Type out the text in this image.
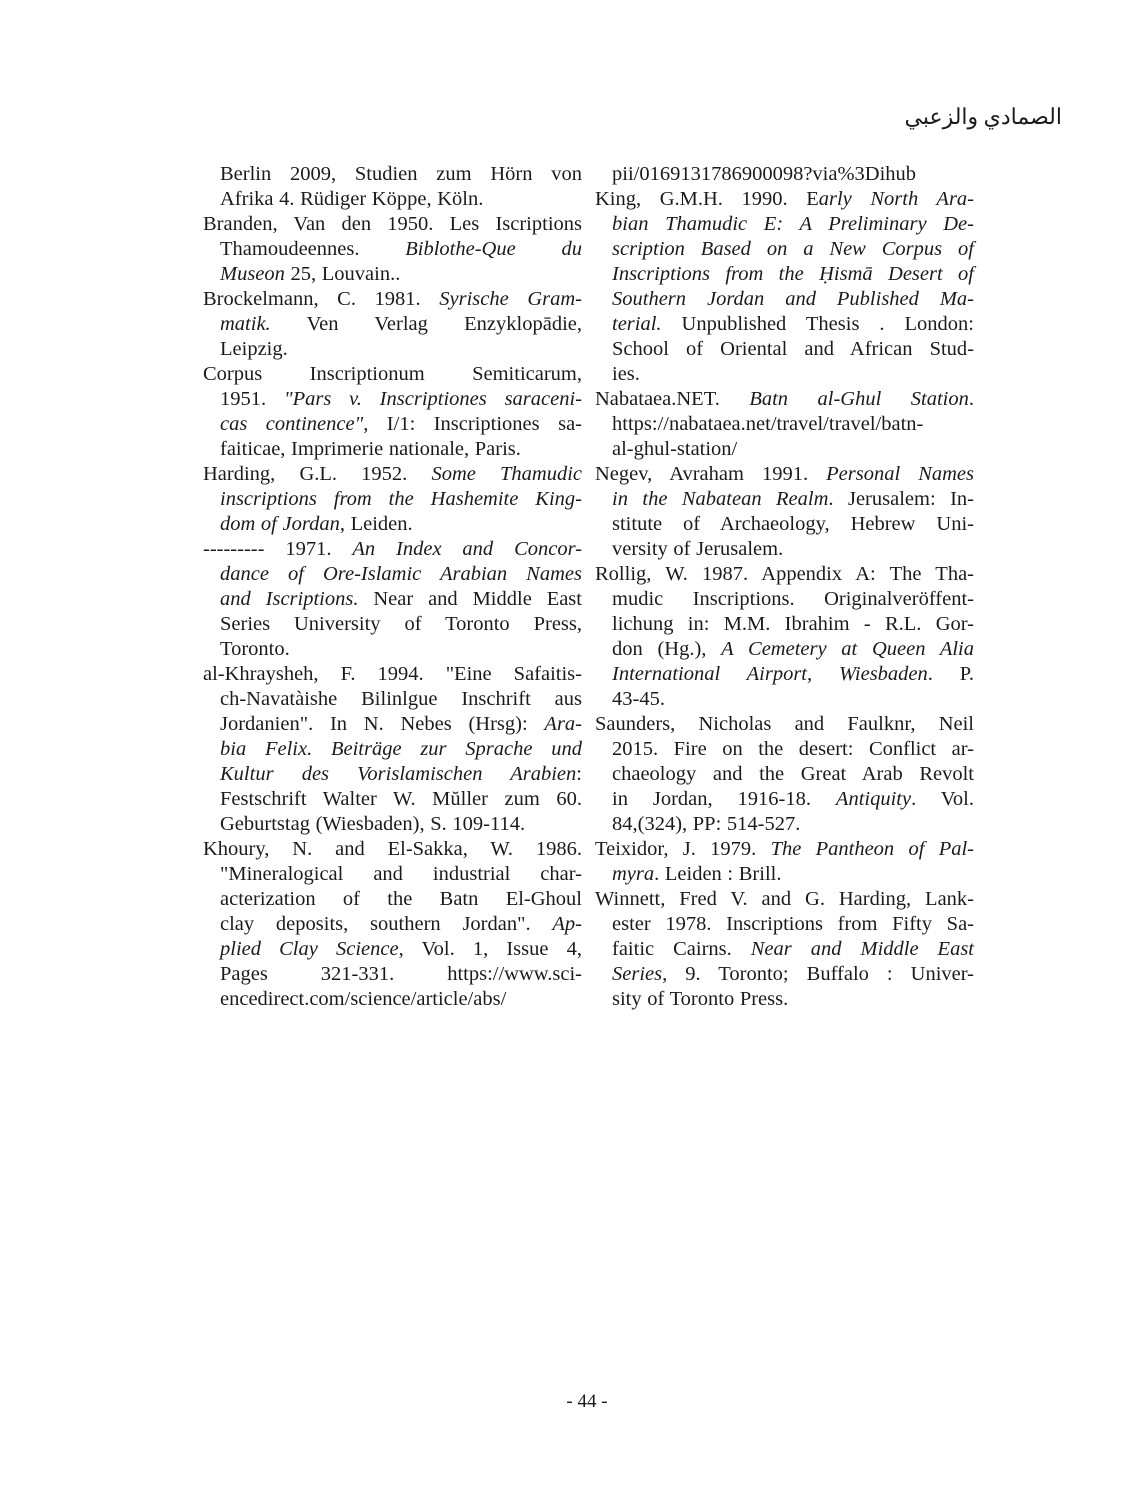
الصمادي والزعبي
Berlin 2009, Studien zum Hörn von
Afrika 4. Rüdiger Köppe, Köln.
Branden, Van den 1950. Les Iscriptions
Thamoudeennes. Biblothe-Que du
Museon 25, Louvain..
Brockelmann, C. 1981. Syrische Gram-
matik. Ven Verlag Enzyklopādie,
Leipzig.
Corpus Inscriptionum Semiticarum,
1951. "Pars v. Inscriptiones saraceni-
cas continence", I/1: Inscriptiones sa-
faiticae, Imprimerie nationale, Paris.
Harding, G.L. 1952. Some Thamudic
inscriptions from the Hashemite King-
dom of Jordan, Leiden.
--------- 1971. An Index and Concor-
dance of Ore-Islamic Arabian Names
and Iscriptions. Near and Middle East
Series University of Toronto Press,
Toronto.
al-Khraysheh, F. 1994. "Eine Safaitis-
ch-Navatàishe Bilinlgue Inschrift aus
Jordanien". In N. Nebes (Hrsg): Ara-
bia Felix. Beiträge zur Sprache und
Kultur des Vorislamischen Arabien:
Festschrift Walter W. Mŭller zum 60.
Geburtstag (Wiesbaden), S. 109-114.
Khoury, N. and El-Sakka, W. 1986.
"Mineralogical and industrial char-
acterization of the Batn El-Ghoul
clay deposits, southern Jordan". Ap-
plied Clay Science, Vol. 1, Issue 4,
Pages 321-331. https://www.sci-
encedirect.com/science/article/abs/
pii/0169131786900098?via%3Dihub
King, G.M.H. 1990. Early North Ara-
bian Thamudic E: A Preliminary De-
scription Based on a New Corpus of
Inscriptions from the Ḥismā Desert of
Southern Jordan and Published Ma-
terial. Unpublished Thesis . London:
School of Oriental and African Stud-
ies.
Nabataea.NET. Batn al-Ghul Station.
https://nabataea.net/travel/travel/batn-
al-ghul-station/
Negev, Avraham 1991. Personal Names
in the Nabatean Realm. Jerusalem: In-
stitute of Archaeology, Hebrew Uni-
versity of Jerusalem.
Rollig, W. 1987. Appendix A: The Tha-
mudic Inscriptions. Originalveröffent-
lichung in: M.M. Ibrahim - R.L. Gor-
don (Hg.), A Cemetery at Queen Alia
International Airport, Wiesbaden. P.
43-45.
Saunders, Nicholas and Faulknr, Neil
2015. Fire on the desert: Conflict ar-
chaeology and the Great Arab Revolt
in Jordan, 1916-18. Antiquity. Vol.
84,(324), PP: 514-527.
Teixidor, J. 1979. The Pantheon of Pal-
myra. Leiden : Brill.
Winnett, Fred V. and G. Harding, Lank-
ester 1978. Inscriptions from Fifty Sa-
faitic Cairns. Near and Middle East
Series, 9. Toronto; Buffalo : Univer-
sity of Toronto Press.
- 44 -
